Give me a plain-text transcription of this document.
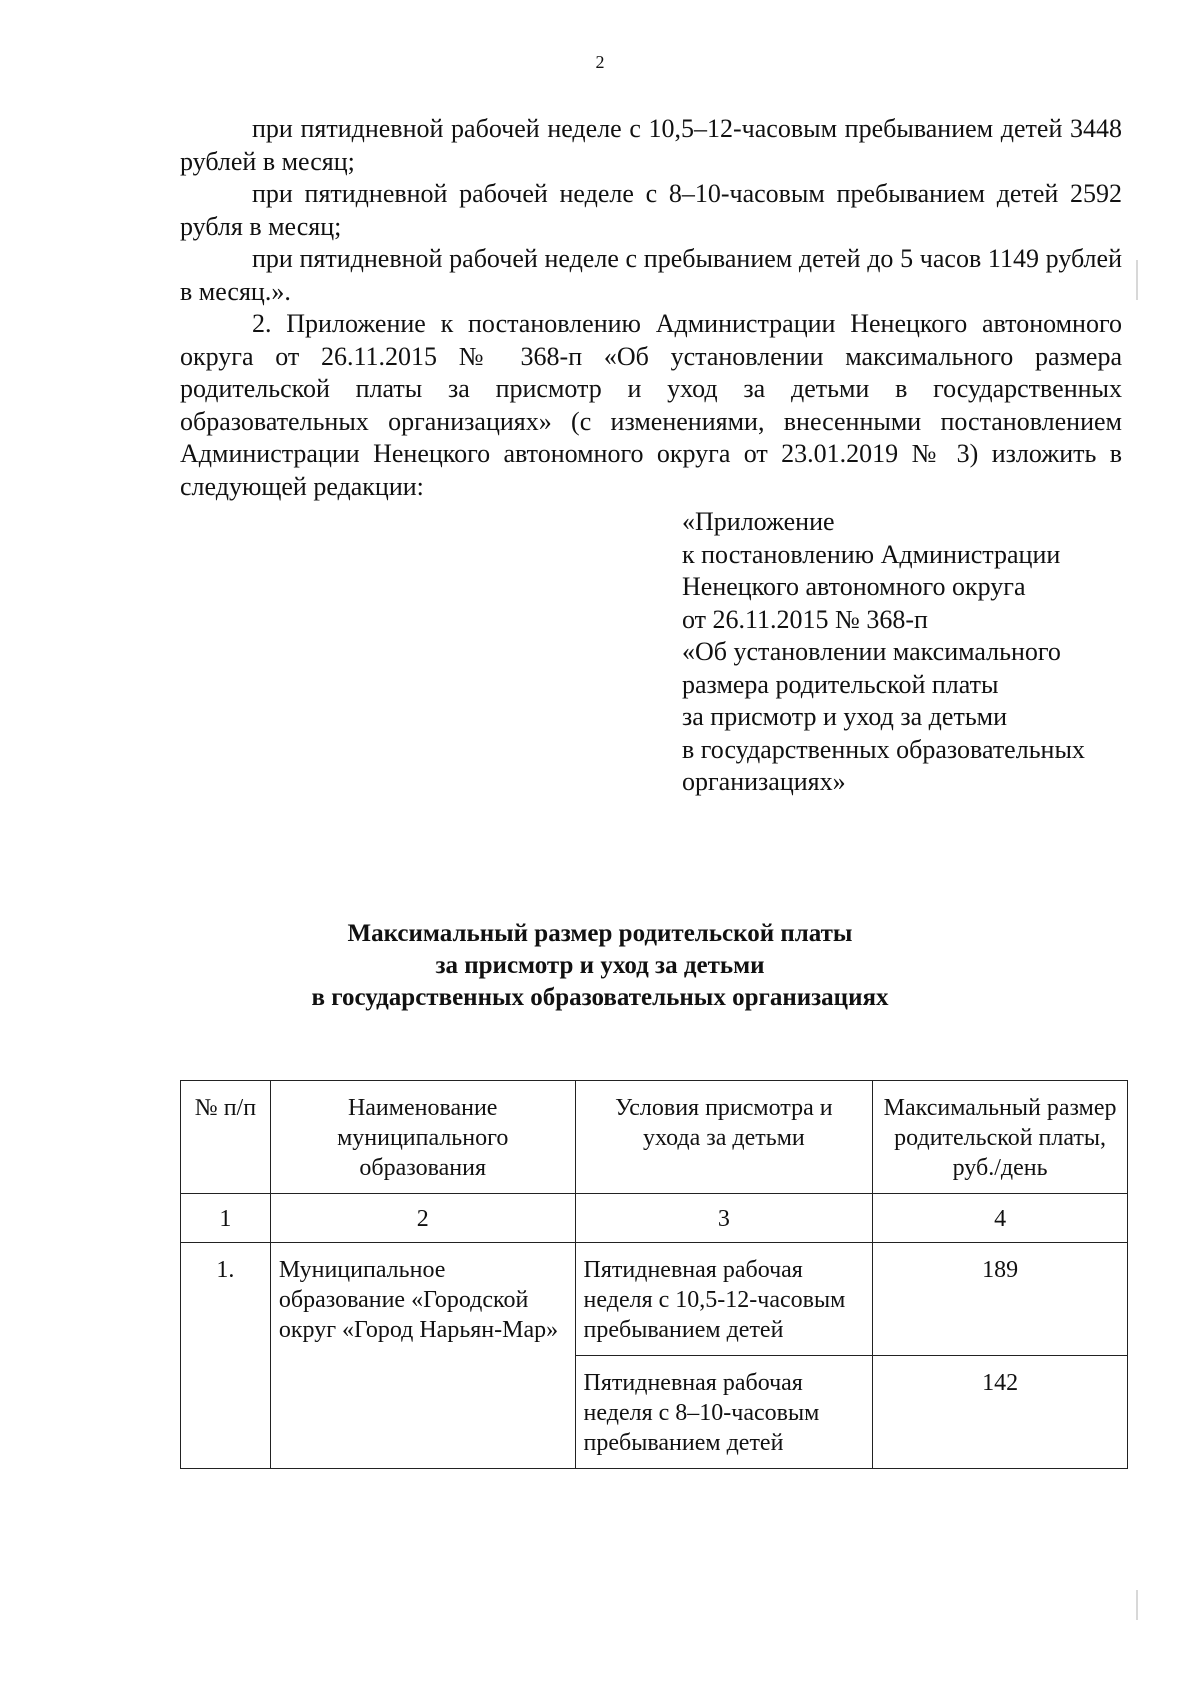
2

при пятидневной рабочей неделе с 10,5–12-часовым пребыванием детей 3448 рублей в месяц;

при пятидневной рабочей неделе с 8–10-часовым пребыванием детей 2592 рубля в месяц;

при пятидневной рабочей неделе с пребыванием детей до 5 часов 1149 рублей в месяц.».

2. Приложение к постановлению Администрации Ненецкого автономного округа от 26.11.2015 № 368-п «Об установлении максимального размера родительской платы за присмотр и уход за детьми в государственных образовательных организациях» (с изменениями, внесенными постановлением Администрации Ненецкого автономного округа от 23.01.2019 № 3) изложить в следующей редакции:

«Приложение
к постановлению Администрации
Ненецкого автономного округа
от 26.11.2015 № 368-п
«Об установлении максимального
размера родительской платы
за присмотр и уход за детьми
в государственных образовательных
организациях»
Максимальный размер родительской платы
за присмотр и уход за детьми
в государственных образовательных организациях
№ п/п	Наименование муниципального образования	Условия присмотра и ухода за детьми	Максимальный размер родительской платы, руб./день
1	2	3	4
1.	Муниципальное образование «Городской округ «Город Нарьян-Мар»	Пятидневная рабочая неделя с 10,5-12-часовым пребыванием детей	189
		Пятидневная рабочая неделя с 8–10-часовым пребыванием детей	142
